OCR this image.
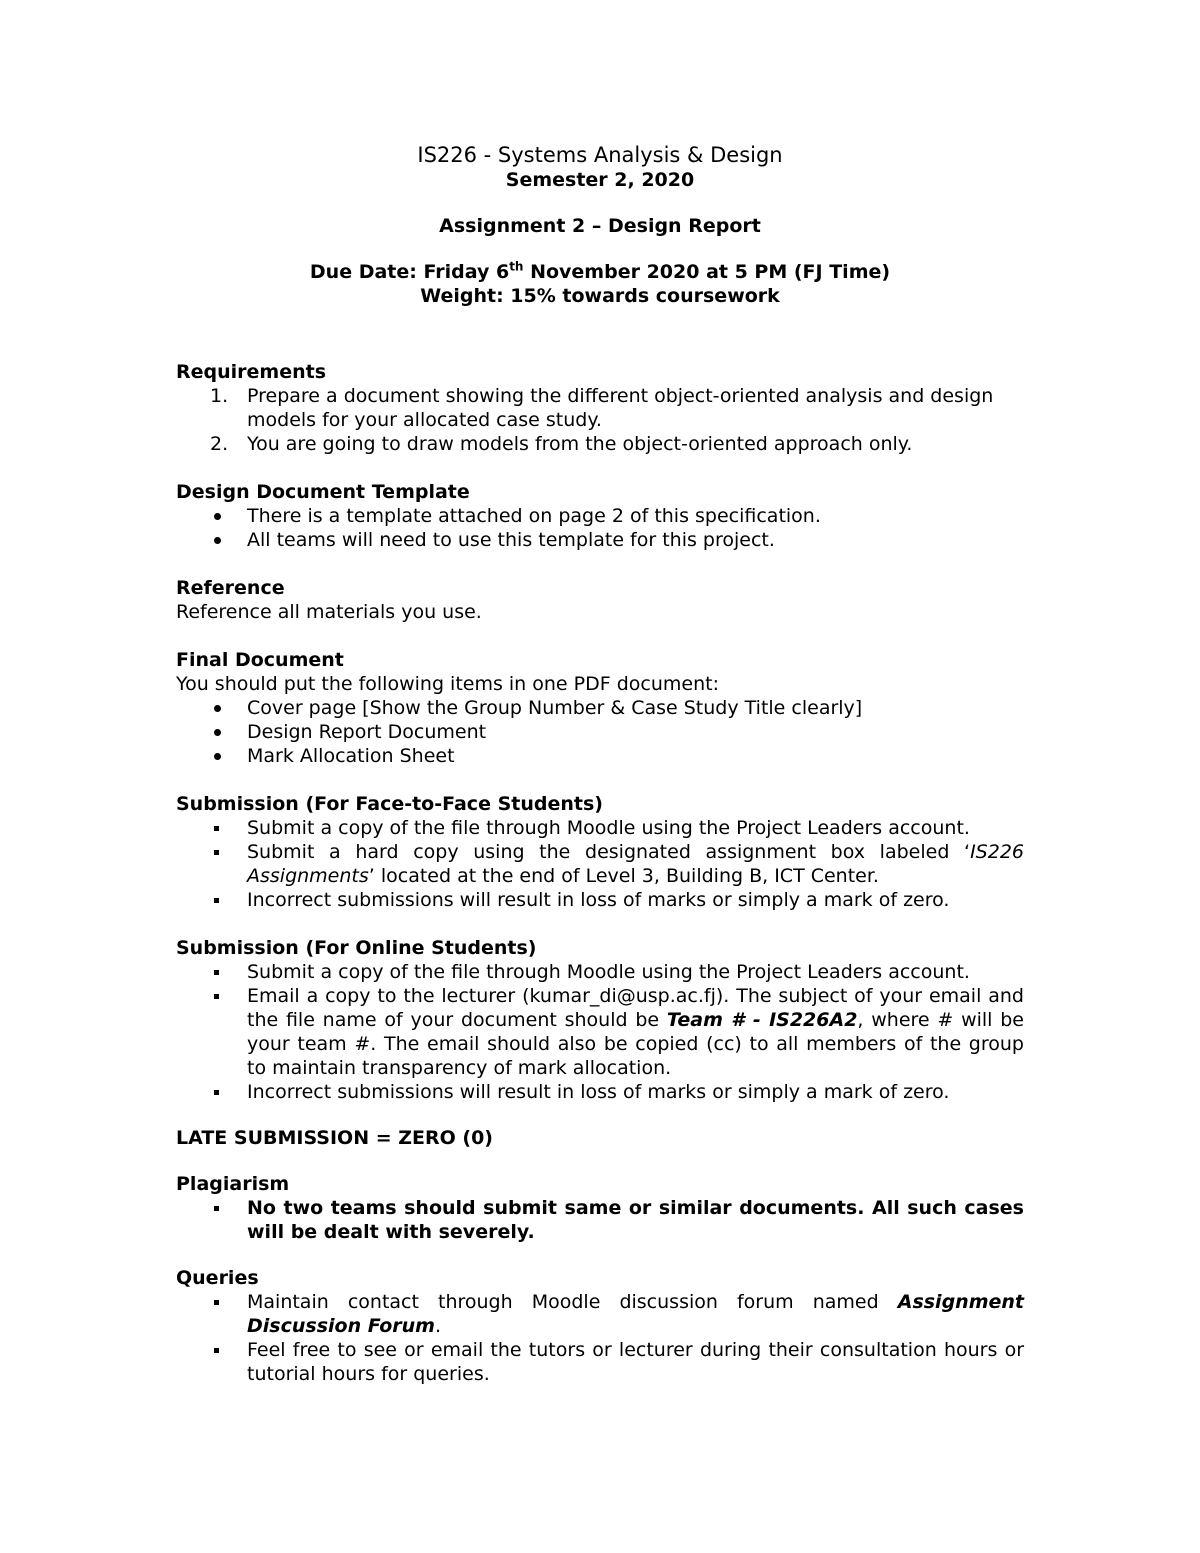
IS226 - Systems Analysis & Design
Semester 2, 2020
Assignment 2 – Design Report
Due Date: Friday 6th November 2020 at 5 PM (FJ Time)
Weight: 15% towards coursework
Requirements
1. Prepare a document showing the different object-oriented analysis and design models for your allocated case study.
2. You are going to draw models from the object-oriented approach only.
Design Document Template
There is a template attached on page 2 of this specification.
All teams will need to use this template for this project.
Reference
Reference all materials you use.
Final Document
You should put the following items in one PDF document:
Cover page [Show the Group Number & Case Study Title clearly]
Design Report Document
Mark Allocation Sheet
Submission (For Face-to-Face Students)
Submit a copy of the file through Moodle using the Project Leaders account.
Submit a hard copy using the designated assignment box labeled ‘IS226 Assignments’ located at the end of Level 3, Building B, ICT Center.
Incorrect submissions will result in loss of marks or simply a mark of zero.
Submission (For Online Students)
Submit a copy of the file through Moodle using the Project Leaders account.
Email a copy to the lecturer (kumar_di@usp.ac.fj). The subject of your email and the file name of your document should be Team # - IS226A2, where # will be your team #. The email should also be copied (cc) to all members of the group to maintain transparency of mark allocation.
Incorrect submissions will result in loss of marks or simply a mark of zero.
LATE SUBMISSION = ZERO (0)
Plagiarism
No two teams should submit same or similar documents. All such cases will be dealt with severely.
Queries
Maintain contact through Moodle discussion forum named Assignment Discussion Forum.
Feel free to see or email the tutors or lecturer during their consultation hours or tutorial hours for queries.
